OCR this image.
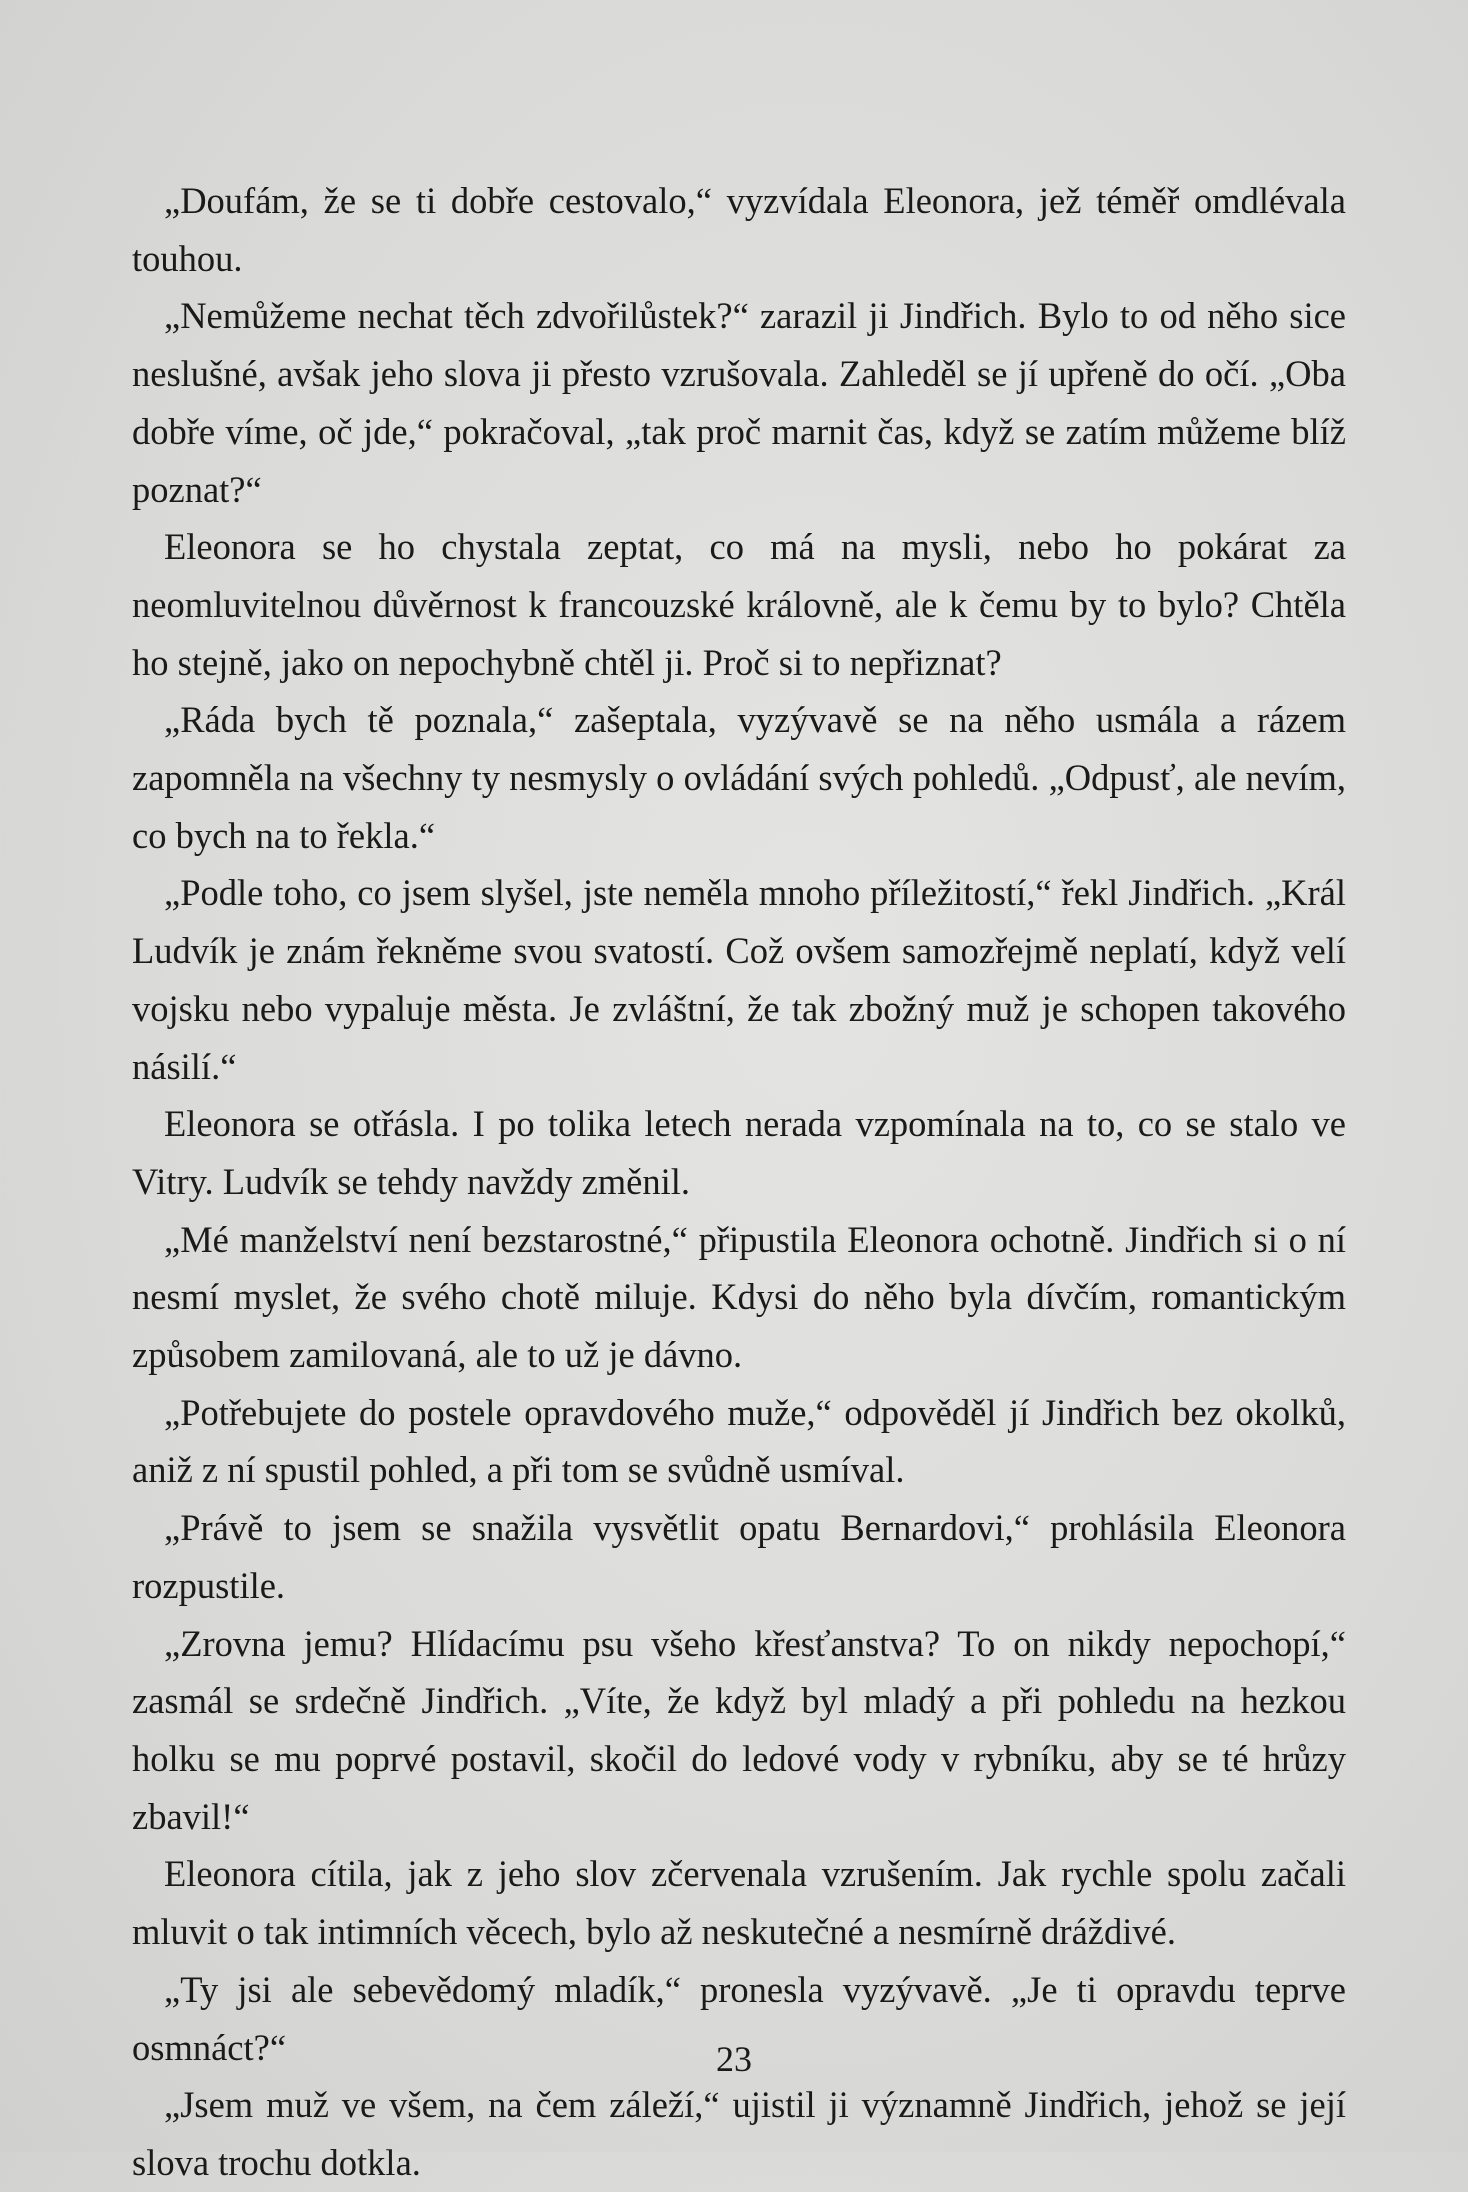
„Doufám, že se ti dobře cestovalo,“ vyzvídala Eleonora, jež téměř omdlévala touhou.

„Nemůžeme nechat těch zdvořilůstek?“ zarazil ji Jindřich. Bylo to od něho sice neslušné, avšak jeho slova ji přesto vzrušovala. Zahleděl se jí upřeně do očí. „Oba dobře víme, oč jde,“ pokračoval, „tak proč marnit čas, když se zatím můžeme blíž poznat?“

Eleonora se ho chystala zeptat, co má na mysli, nebo ho pokárat za neomluvitelnou důvěrnost k francouzské královně, ale k čemu by to bylo? Chtěla ho stejně, jako on nepochybně chtěl ji. Proč si to nepřiznat?

„Ráda bych tě poznala,“ zašeptala, vyzývavě se na něho usmála a rázem zapomněla na všechny ty nesmysly o ovládání svých pohledů. „Odpusť, ale nevím, co bych na to řekla.“

„Podle toho, co jsem slyšel, jste neměla mnoho příležitostí,“ řekl Jindřich. „Král Ludvík je znám řekněme svou svatostí. Což ovšem samozřejmě neplatí, když velí vojsku nebo vypaluje města. Je zvláštní, že tak zbožný muž je schopen takového násilí.“

Eleonora se otřásla. I po tolika letech nerada vzpomínala na to, co se stalo ve Vitry. Ludvík se tehdy navždy změnil.

„Mé manželství není bezstarostné,“ připustila Eleonora ochotně. Jindřich si o ní nesmí myslet, že svého chotě miluje. Kdysi do něho byla dívčím, romantickým způsobem zamilovaná, ale to už je dávno.

„Potřebujete do postele opravdového muže,“ odpověděl jí Jindřich bez okolků, aniž z ní spustil pohled, a při tom se svůdně usmíval.

„Právě to jsem se snažila vysvětlit opatu Bernardovi,“ prohlásila Eleonora rozpustile.

„Zrovna jemu? Hlídacímu psu všeho křesťanstva? To on nikdy nepochopí,“ zasmál se srdečně Jindřich. „Víte, že když byl mladý a při pohledu na hezkou holku se mu poprvé postavil, skočil do ledové vody v rybníku, aby se té hrůzy zbavil!“

Eleonora cítila, jak z jeho slov zčervenala vzrušením. Jak rychle spolu začali mluvit o tak intimních věcech, bylo až neskutečné a nesmírně dráždivé.

„Ty jsi ale sebevědomý mladík,“ pronesla vyzývavě. „Je ti opravdu teprve osmnáct?“

„Jsem muž ve všem, na čem záleží,“ ujistil ji významně Jindřich, jehož se její slova trochu dotkla.

23
